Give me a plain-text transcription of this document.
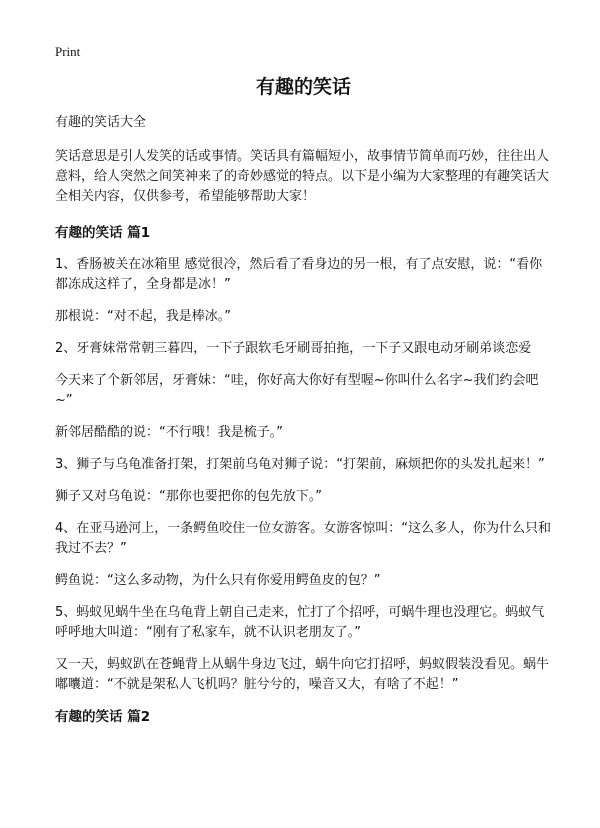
Print
有趣的笑话
有趣的笑话大全

笑话意思是引人发笑的话或事情。笑话具有篇幅短小，故事情节简单而巧妙，往往出人意料，给人突然之间笑神来了的奇妙感觉的特点。以下是小编为大家整理的有趣笑话大全相关内容，仅供参考，希望能够帮助大家！

有趣的笑话 篇1

1、香肠被关在冰箱里 感觉很冷，然后看了看身边的另一根，有了点安慰，说：“看你都冻成这样了，全身都是冰！”

那根说：“对不起，我是棒冰。”

2、牙膏妹常常朝三暮四，一下子跟软毛牙刷哥拍拖，一下子又跟电动牙刷弟谈恋爱

今天来了个新邻居，牙膏妹：“哇，你好高大你好有型喔~你叫什么名字~我们约会吧~”

新邻居酷酷的说：“不行哦！我是梳子。”

3、狮子与乌龟准备打架，打架前乌龟对狮子说：“打架前，麻烦把你的头发扎起来！”

狮子又对乌龟说：“那你也要把你的包先放下。”

4、在亚马逊河上，一条鳄鱼咬住一位女游客。女游客惊叫：“这么多人，你为什么只和我过不去？”

鳄鱼说：“这么多动物，为什么只有你爱用鳄鱼皮的包？”

5、蚂蚁见蜗牛坐在乌龟背上朝自己走来，忙打了个招呼，可蜗牛理也没理它。蚂蚁气呼呼地大叫道：“刚有了私家车，就不认识老朋友了。”

又一天，蚂蚁趴在苍蝇背上从蜗牛身边飞过，蜗牛向它打招呼，蚂蚁假装没看见。蜗牛嘟囔道：“不就是架私人飞机吗？脏兮兮的，噪音又大，有啥了不起！”

有趣的笑话 篇2
